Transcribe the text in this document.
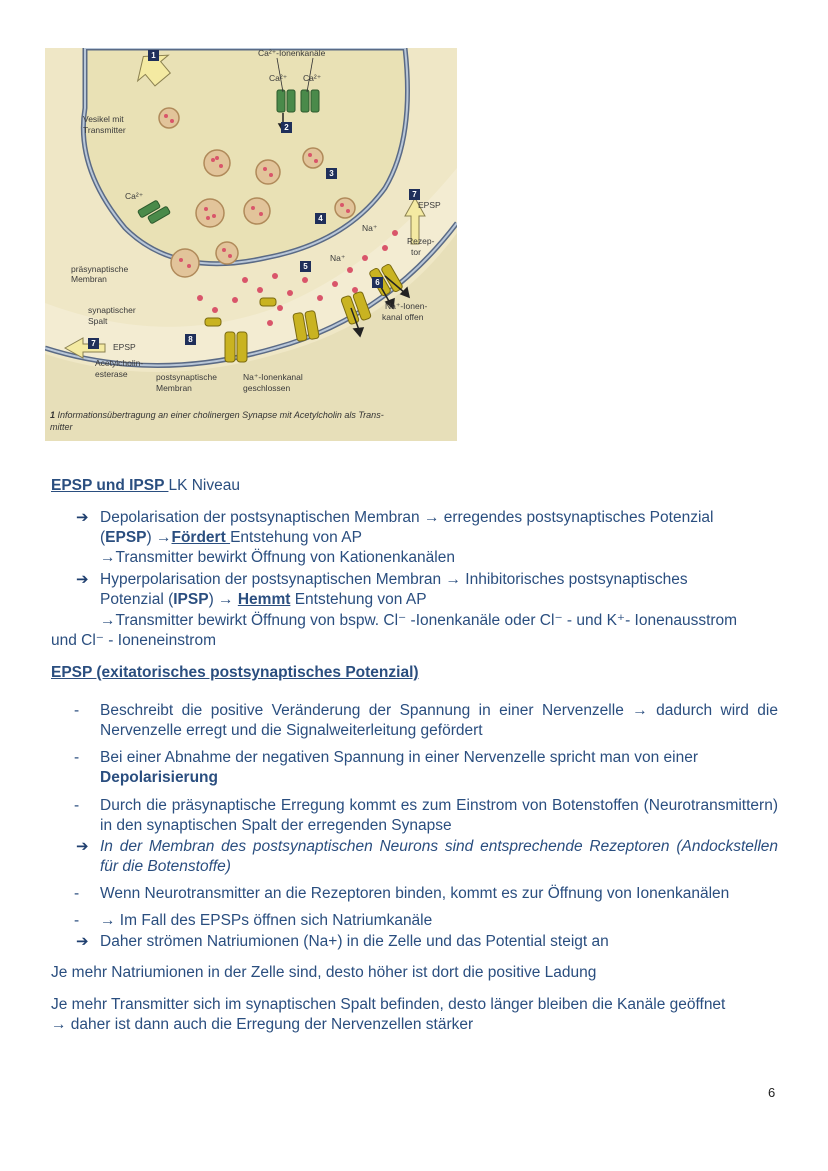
Ca²⁺-Ionenkanäle
Ca²⁺ Ca²⁺
Ca²⁺
Vesikel mit
Transmitter
präsynaptische
Membran
synaptischer
Spalt
EPSP
EPSP
Na⁺
Na⁺
Rezep-
tor
Na⁺-Ionen-
kanal offen
Acetylcholin-
esterase	postsynaptische
Membran
Na⁺-Ionenkanal
geschlossen
1
2
3
4
5
6
7
7	8
1 Informationsübertragung an einer cholinergen Synapse mit Acetylcholin als Trans-
mitter
EPSP und IPSP LK Niveau
➔ Depolarisation der postsynaptischen Membran → erregendes postsynaptisches Potenzial
(EPSP) →Fördert Entstehung von AP
→Transmitter bewirkt Öffnung von Kationenkanälen
➔ Hyperpolarisation der postsynaptischen Membran → Inhibitorisches postsynaptisches
Potenzial (IPSP) → Hemmt Entstehung von AP
→Transmitter bewirkt Öffnung von bspw. Cl⁻ -Ionenkanäle oder Cl⁻ - und K⁺- Ionenausstrom

und Cl⁻ - Ioneneinstrom
EPSP (exitatorisches postsynaptisches Potenzial)
- Beschreibt die positive Veränderung der Spannung in einer Nervenzelle → dadurch wird die Nervenzelle erregt und die Signalweiterleitung gefördert
- Bei einer Abnahme der negativen Spannung in einer Nervenzelle spricht man von einer
Depolarisierung
- Durch die präsynaptische Erregung kommt es zum Einstrom von Botenstoffen (Neurotransmittern) in den synaptischen Spalt der erregenden Synapse
➔ In der Membran des postsynaptischen Neurons sind entsprechende Rezeptoren (Andockstellen für die Botenstoffe)
- Wenn Neurotransmitter an die Rezeptoren binden, kommt es zur Öffnung von Ionenkanälen
- → Im Fall des EPSPs öffnen sich Natriumkanäle
➔ Daher strömen Natriumionen (Na+) in die Zelle und das Potential steigt an
Je mehr Natriumionen in der Zelle sind, desto höher ist dort die positive Ladung
Je mehr Transmitter sich im synaptischen Spalt befinden, desto länger bleiben die Kanäle geöffnet
→ daher ist dann auch die Erregung der Nervenzellen stärker
6
